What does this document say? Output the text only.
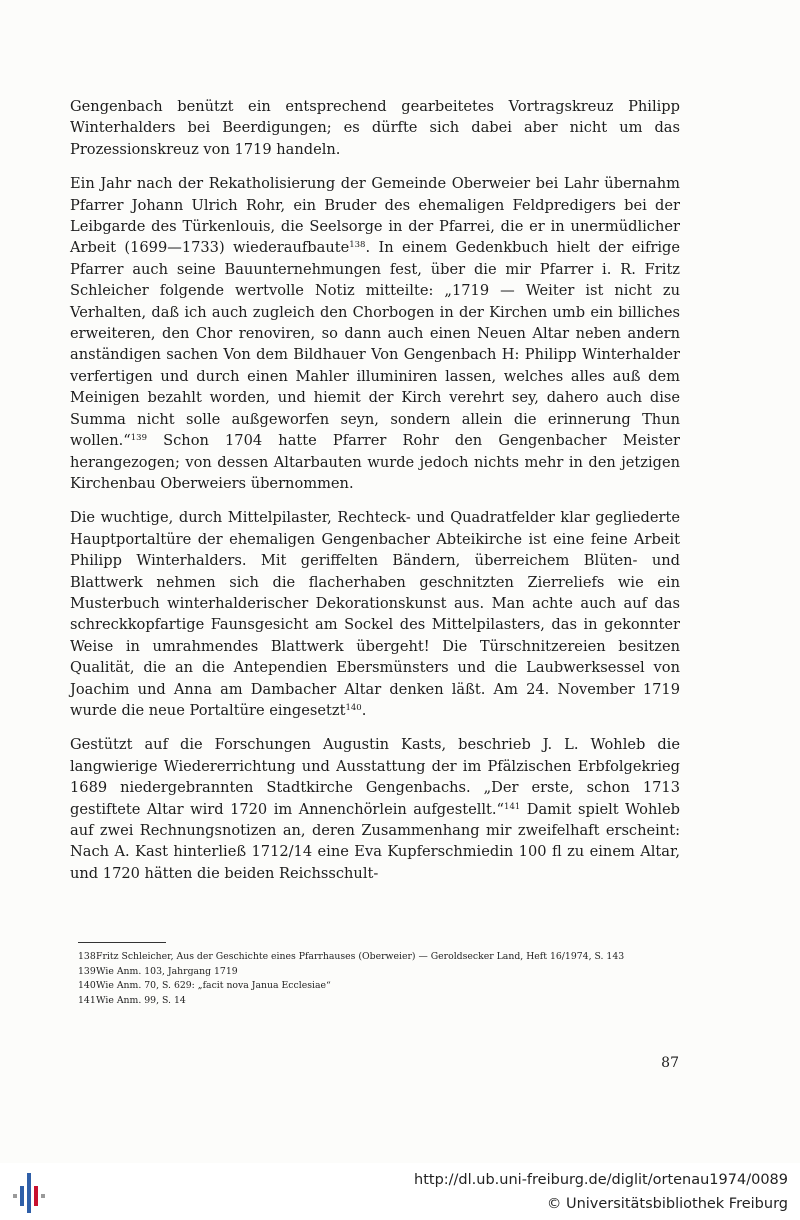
Gengenbach benützt ein entsprechend gearbeitetes Vortragskreuz Philipp Winterhalders bei Beerdigungen; es dürfte sich dabei aber nicht um das Prozessionskreuz von 1719 handeln.

Ein Jahr nach der Rekatholisierung der Gemeinde Oberweier bei Lahr übernahm Pfarrer Johann Ulrich Rohr, ein Bruder des ehemaligen Feldpredigers bei der Leibgarde des Türkenlouis, die Seelsorge in der Pfarrei, die er in unermüdlicher Arbeit (1699—1733) wiederaufbaute$^{138}$. In einem Gedenkbuch hielt der eifrige Pfarrer auch seine Bauunternehmungen fest, über die mir Pfarrer i. R. Fritz Schleicher folgende wertvolle Notiz mitteilte: „1719 — Weiter ist nicht zu Verhalten, daß ich auch zugleich den Chorbogen in der Kirchen umb ein billiches erweiteren, den Chor renoviren, so dann auch einen Neuen Altar neben andern anständigen sachen Von dem Bildhauer Von Gengenbach H: Philipp Winterhalder verfertigen und durch einen Mahler illuminiren lassen, welches alles auß dem Meinigen bezahlt worden, und hiemit der Kirch verehrt sey, dahero auch dise Summa nicht solle außgeworfen seyn, sondern allein die erinnerung Thun wollen.“$^{139}$ Schon 1704 hatte Pfarrer Rohr den Gengenbacher Meister herangezogen; von dessen Altarbauten wurde jedoch nichts mehr in den jetzigen Kirchenbau Oberweiers übernommen.

Die wuchtige, durch Mittelpilaster, Rechteck- und Quadratfelder klar gegliederte Hauptportaltüre der ehemaligen Gengenbacher Abteikirche ist eine feine Arbeit Philipp Winterhalders. Mit geriffelten Bändern, überreichem Blüten- und Blattwerk nehmen sich die flacherhaben geschnitzten Zierreliefs wie ein Musterbuch winterhalderischer Dekorationskunst aus. Man achte auch auf das schreckkopfartige Faunsgesicht am Sockel des Mittelpilasters, das in gekonnter Weise in umrahmendes Blattwerk übergeht! Die Türschnitzereien besitzen Qualität, die an die Antependien Ebersmünsters und die Laubwerksessel von Joachim und Anna am Dambacher Altar denken läßt. Am 24. November 1719 wurde die neue Portaltüre eingesetzt$^{140}$.

Gestützt auf die Forschungen Augustin Kasts, beschrieb J. L. Wohleb die langwierige Wiedererrichtung und Ausstattung der im Pfälzischen Erbfolgekrieg 1689 niedergebrannten Stadtkirche Gengenbachs. „Der erste, schon 1713 gestiftete Altar wird 1720 im Annenchörlein aufgestellt.“$^{141}$ Damit spielt Wohleb auf zwei Rechnungsnotizen an, deren Zusammenhang mir zweifelhaft erscheint: Nach A. Kast hinterließ 1712/14 eine Eva Kupferschmiedin 100 fl zu einem Altar, und 1720 hätten die beiden Reichsschult-

138 Fritz Schleicher, Aus der Geschichte eines Pfarrhauses (Oberweier) — Geroldsecker Land, Heft 16/1974, S. 143
139 Wie Anm. 103, Jahrgang 1719
140 Wie Anm. 70, S. 629: „facit nova Janua Ecclesiae“
141 Wie Anm. 99, S. 14
87
http://dl.ub.uni-freiburg.de/diglit/ortenau1974/0089
© Universitätsbibliothek Freiburg
